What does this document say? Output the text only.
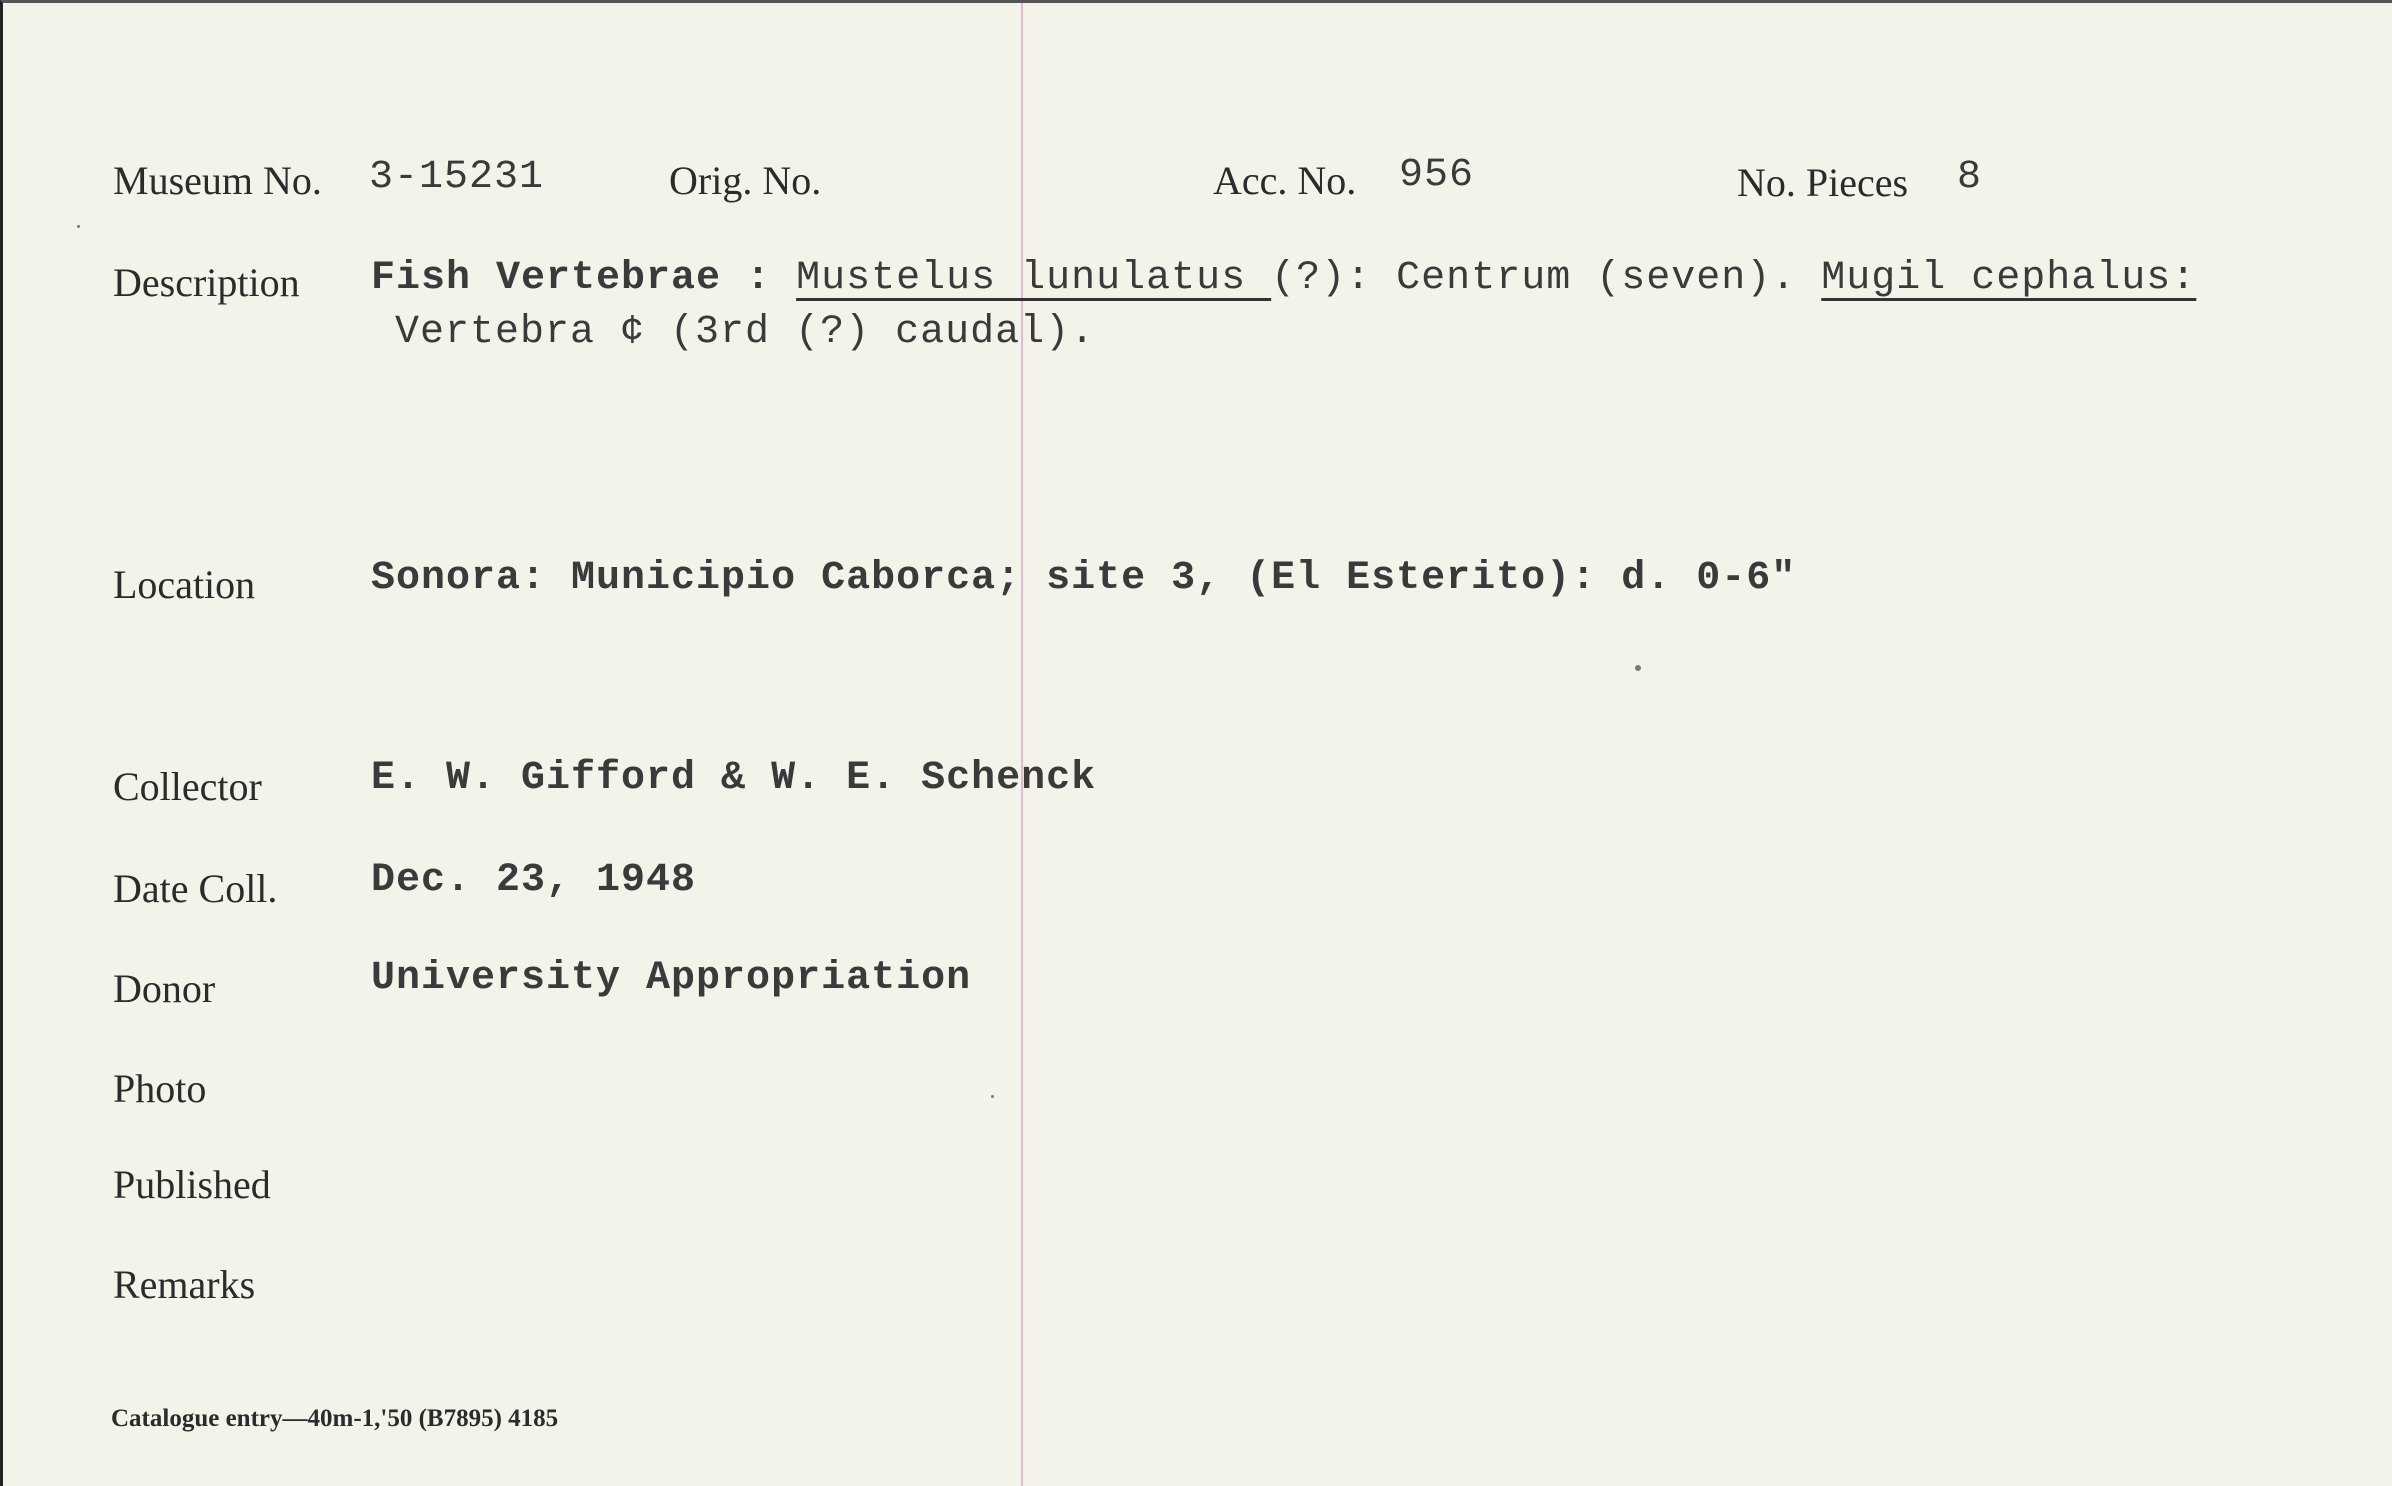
Museum No. 3-15231	Orig. No.	Acc. No. 956	No. Pieces 8
Description Fish Vertebrae : Mustelus lunulatus (?): Centrum (seven). Mugil cephalus:
Vertebra ¢ (3rd (?) caudal).
Location	Sonora: Municipio Caborca; site 3, (El Esterito): d. 0-6"
Collector	E. W. Gifford & W. E. Schenck
Date Coll. Dec. 23, 1948
Donor	University Appropriation
Photo
Published
Remarks
Catalogue entry—40m-1,'50 (B7895) 4185
